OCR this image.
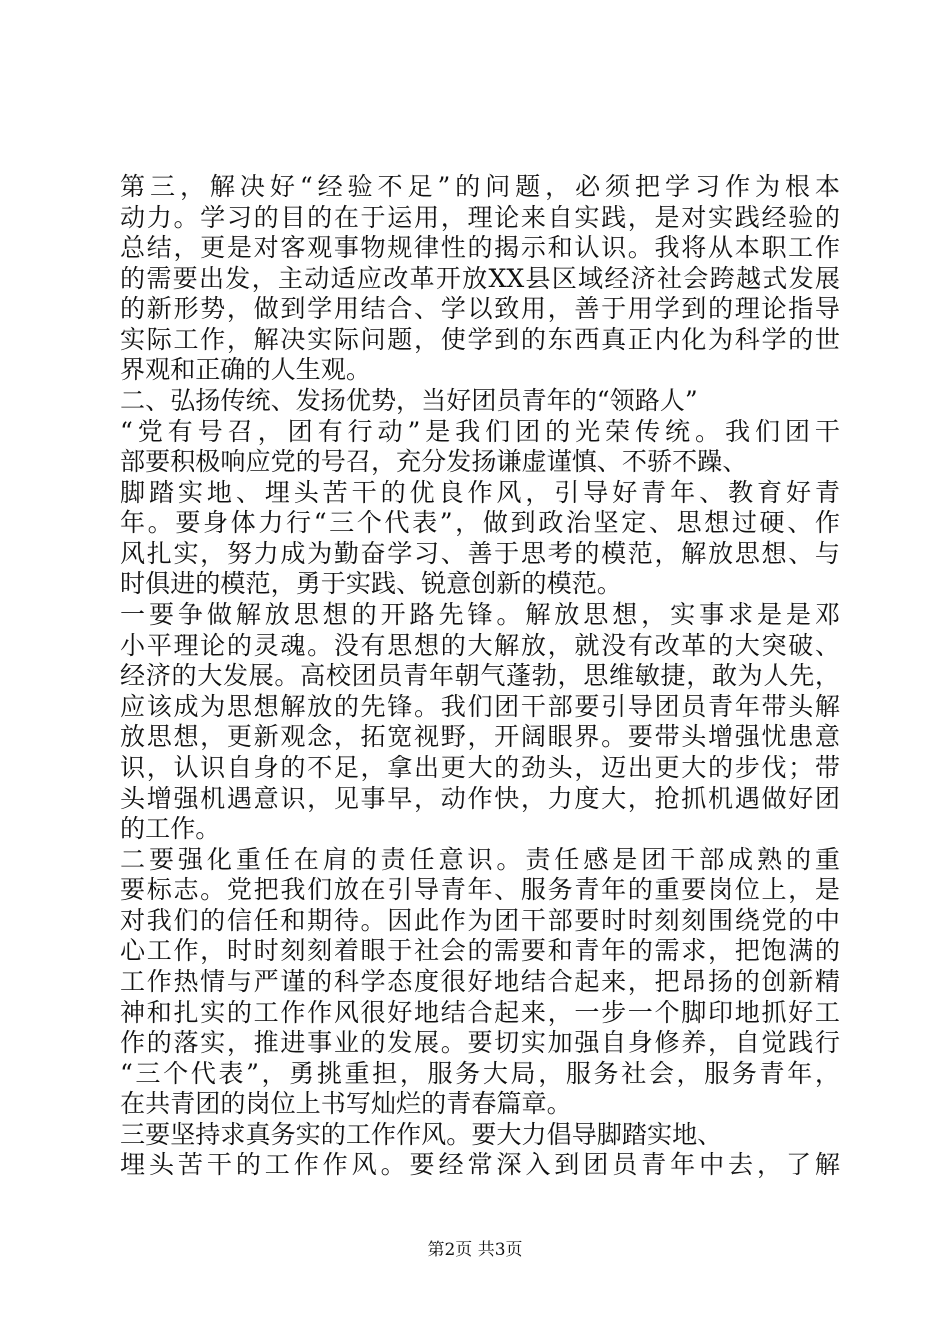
第三，解决好“经验不足”的问题，必须把学习作为根本
动力。学习的目的在于运用，理论来自实践，是对实践经验的
总结，更是对客观事物规律性的揭示和认识。我将从本职工作
的需要出发，主动适应改革开放XX县区域经济社会跨越式发展
的新形势，做到学用结合、学以致用，善于用学到的理论指导
实际工作，解决实际问题，使学到的东西真正内化为科学的世
界观和正确的人生观。
二、弘扬传统、发扬优势，当好团员青年的“领路人”
“党有号召，团有行动”是我们团的光荣传统。我们团干
部要积极响应党的号召，充分发扬谦虚谨慎、不骄不躁、
脚踏实地、埋头苦干的优良作风，引导好青年、教育好青
年。要身体力行“三个代表”，做到政治坚定、思想过硬、作
风扎实，努力成为勤奋学习、善于思考的模范，解放思想、与
时俱进的模范，勇于实践、锐意创新的模范。
一要争做解放思想的开路先锋。解放思想，实事求是是邓
小平理论的灵魂。没有思想的大解放，就没有改革的大突破、
经济的大发展。高校团员青年朝气蓬勃，思维敏捷，敢为人先，
应该成为思想解放的先锋。我们团干部要引导团员青年带头解
放思想，更新观念，拓宽视野，开阔眼界。要带头增强忧患意
识，认识自身的不足，拿出更大的劲头，迈出更大的步伐；带
头增强机遇意识，见事早，动作快，力度大，抢抓机遇做好团
的工作。
二要强化重任在肩的责任意识。责任感是团干部成熟的重
要标志。党把我们放在引导青年、服务青年的重要岗位上，是
对我们的信任和期待。因此作为团干部要时时刻刻围绕党的中
心工作，时时刻刻着眼于社会的需要和青年的需求，把饱满的
工作热情与严谨的科学态度很好地结合起来，把昂扬的创新精
神和扎实的工作作风很好地结合起来，一步一个脚印地抓好工
作的落实，推进事业的发展。要切实加强自身修养，自觉践行
“三个代表”，勇挑重担，服务大局，服务社会，服务青年，
在共青团的岗位上书写灿烂的青春篇章。
三要坚持求真务实的工作作风。要大力倡导脚踏实地、
埋头苦干的工作作风。要经常深入到团员青年中去，了解
第2页 共3页
